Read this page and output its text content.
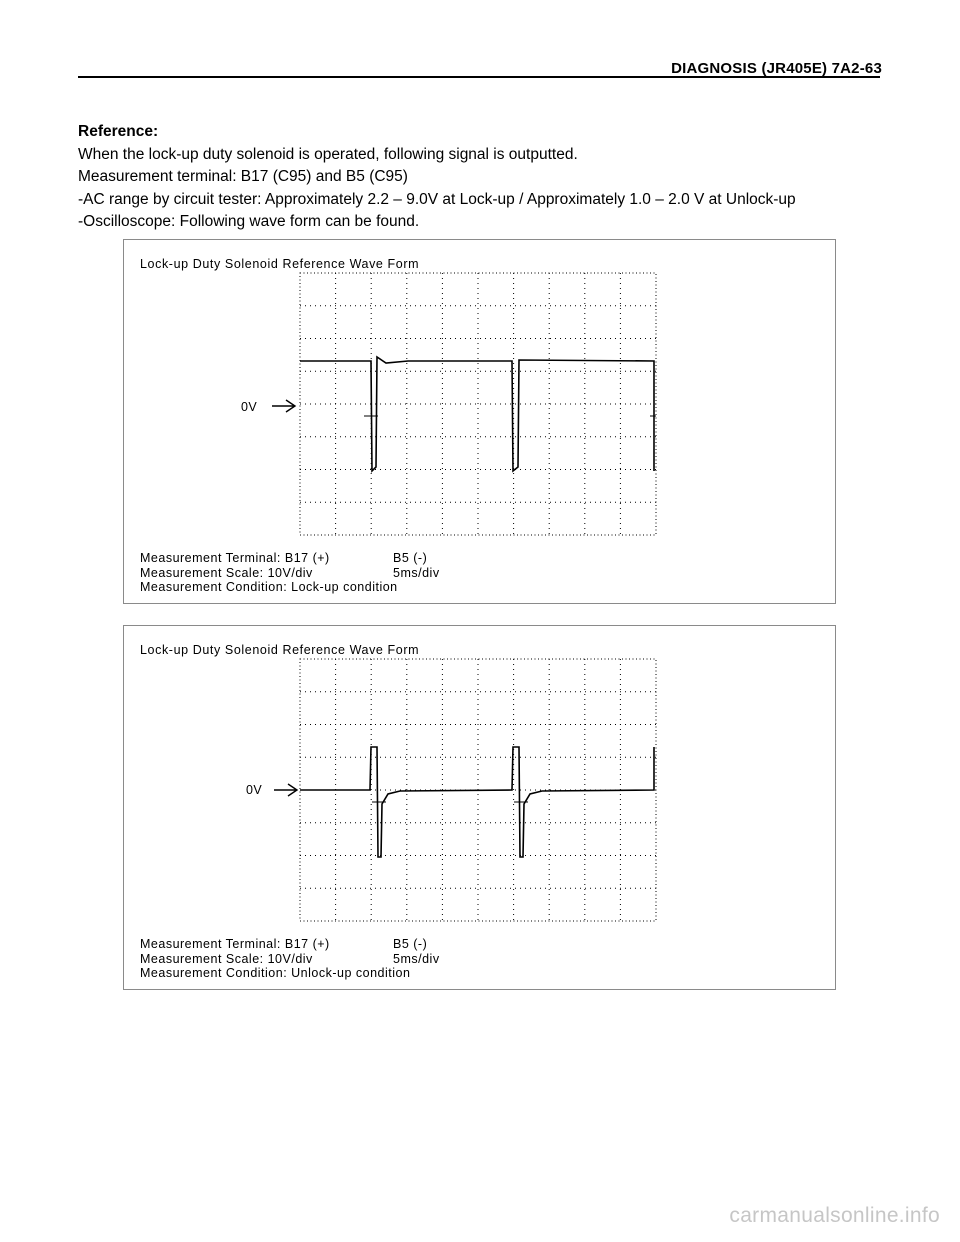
DIAGNOSIS (JR405E) 7A2-63
Reference:
When the lock-up duty solenoid is operated, following signal is outputted.
Measurement terminal: B17 (C95) and B5 (C95)
-AC range by circuit tester: Approximately 2.2 – 9.0V at Lock-up / Approximately 1.0 – 2.0 V at Unlock-up
-Oscilloscope: Following wave form can be found.
Lock-up Duty Solenoid Reference Wave Form
0V
Measurement Terminal: B17 (+)	B5 (-)
Measurement Scale: 10V/div	5ms/div
Measurement Condition: Lock-up condition
Lock-up Duty Solenoid Reference Wave Form
0V
Measurement Terminal: B17 (+)	B5 (-)
Measurement Scale: 10V/div	5ms/div
Measurement Condition: Unlock-up condition
carmanualsonline.info
